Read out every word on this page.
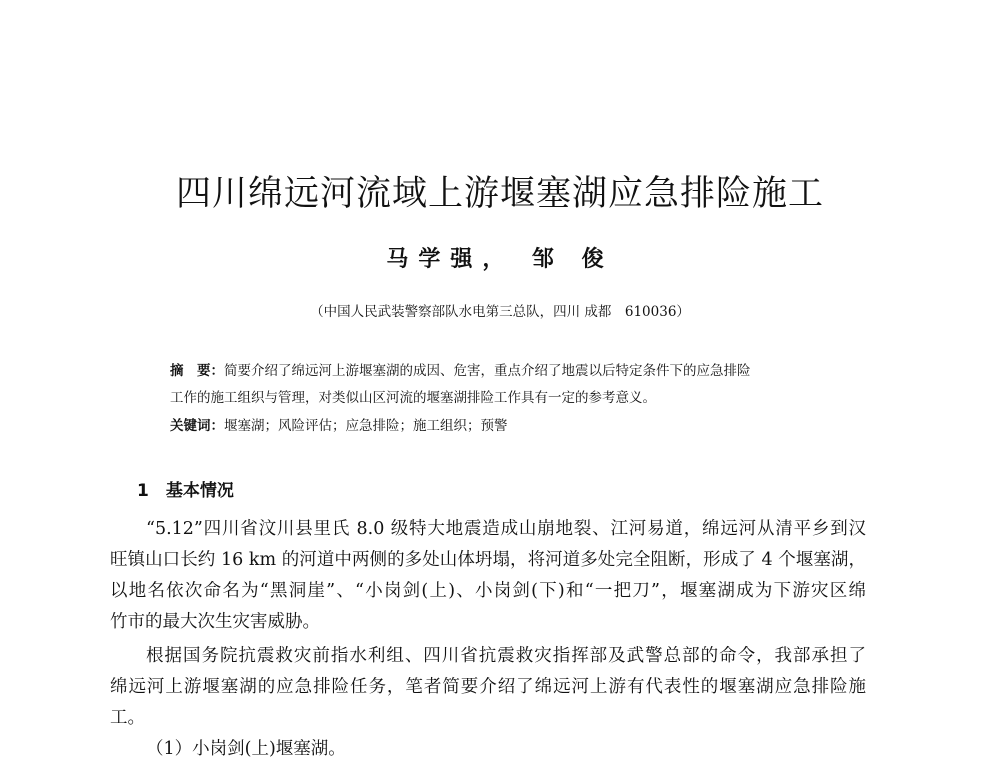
四川绵远河流域上游堰塞湖应急排险施工
马学强， 邹 俊
（中国人民武装警察部队水电第三总队，四川 成都　610036）
摘　要：简要介绍了绵远河上游堰塞湖的成因、危害，重点介绍了地震以后特定条件下的应急排险
工作的施工组织与管理，对类似山区河流的堰塞湖排险工作具有一定的参考意义。
关键词：堰塞湖；风险评估；应急排险；施工组织；预警
1　基本情况
“5.12”四川省汶川县里氏 8.0 级特大地震造成山崩地裂、江河易道，绵远河从清平乡到汉
旺镇山口长约 16 km 的河道中两侧的多处山体坍塌，将河道多处完全阻断，形成了 4 个堰塞湖，
以地名依次命名为“黑洞崖”、“小岗剑(上)、小岗剑(下)和“一把刀”，堰塞湖成为下游灾区绵
竹市的最大次生灾害威胁。
根据国务院抗震救灾前指水利组、四川省抗震救灾指挥部及武警总部的命令，我部承担了
绵远河上游堰塞湖的应急排险任务，笔者简要介绍了绵远河上游有代表性的堰塞湖应急排险施
工。
（1）小岗剑(上)堰塞湖。
